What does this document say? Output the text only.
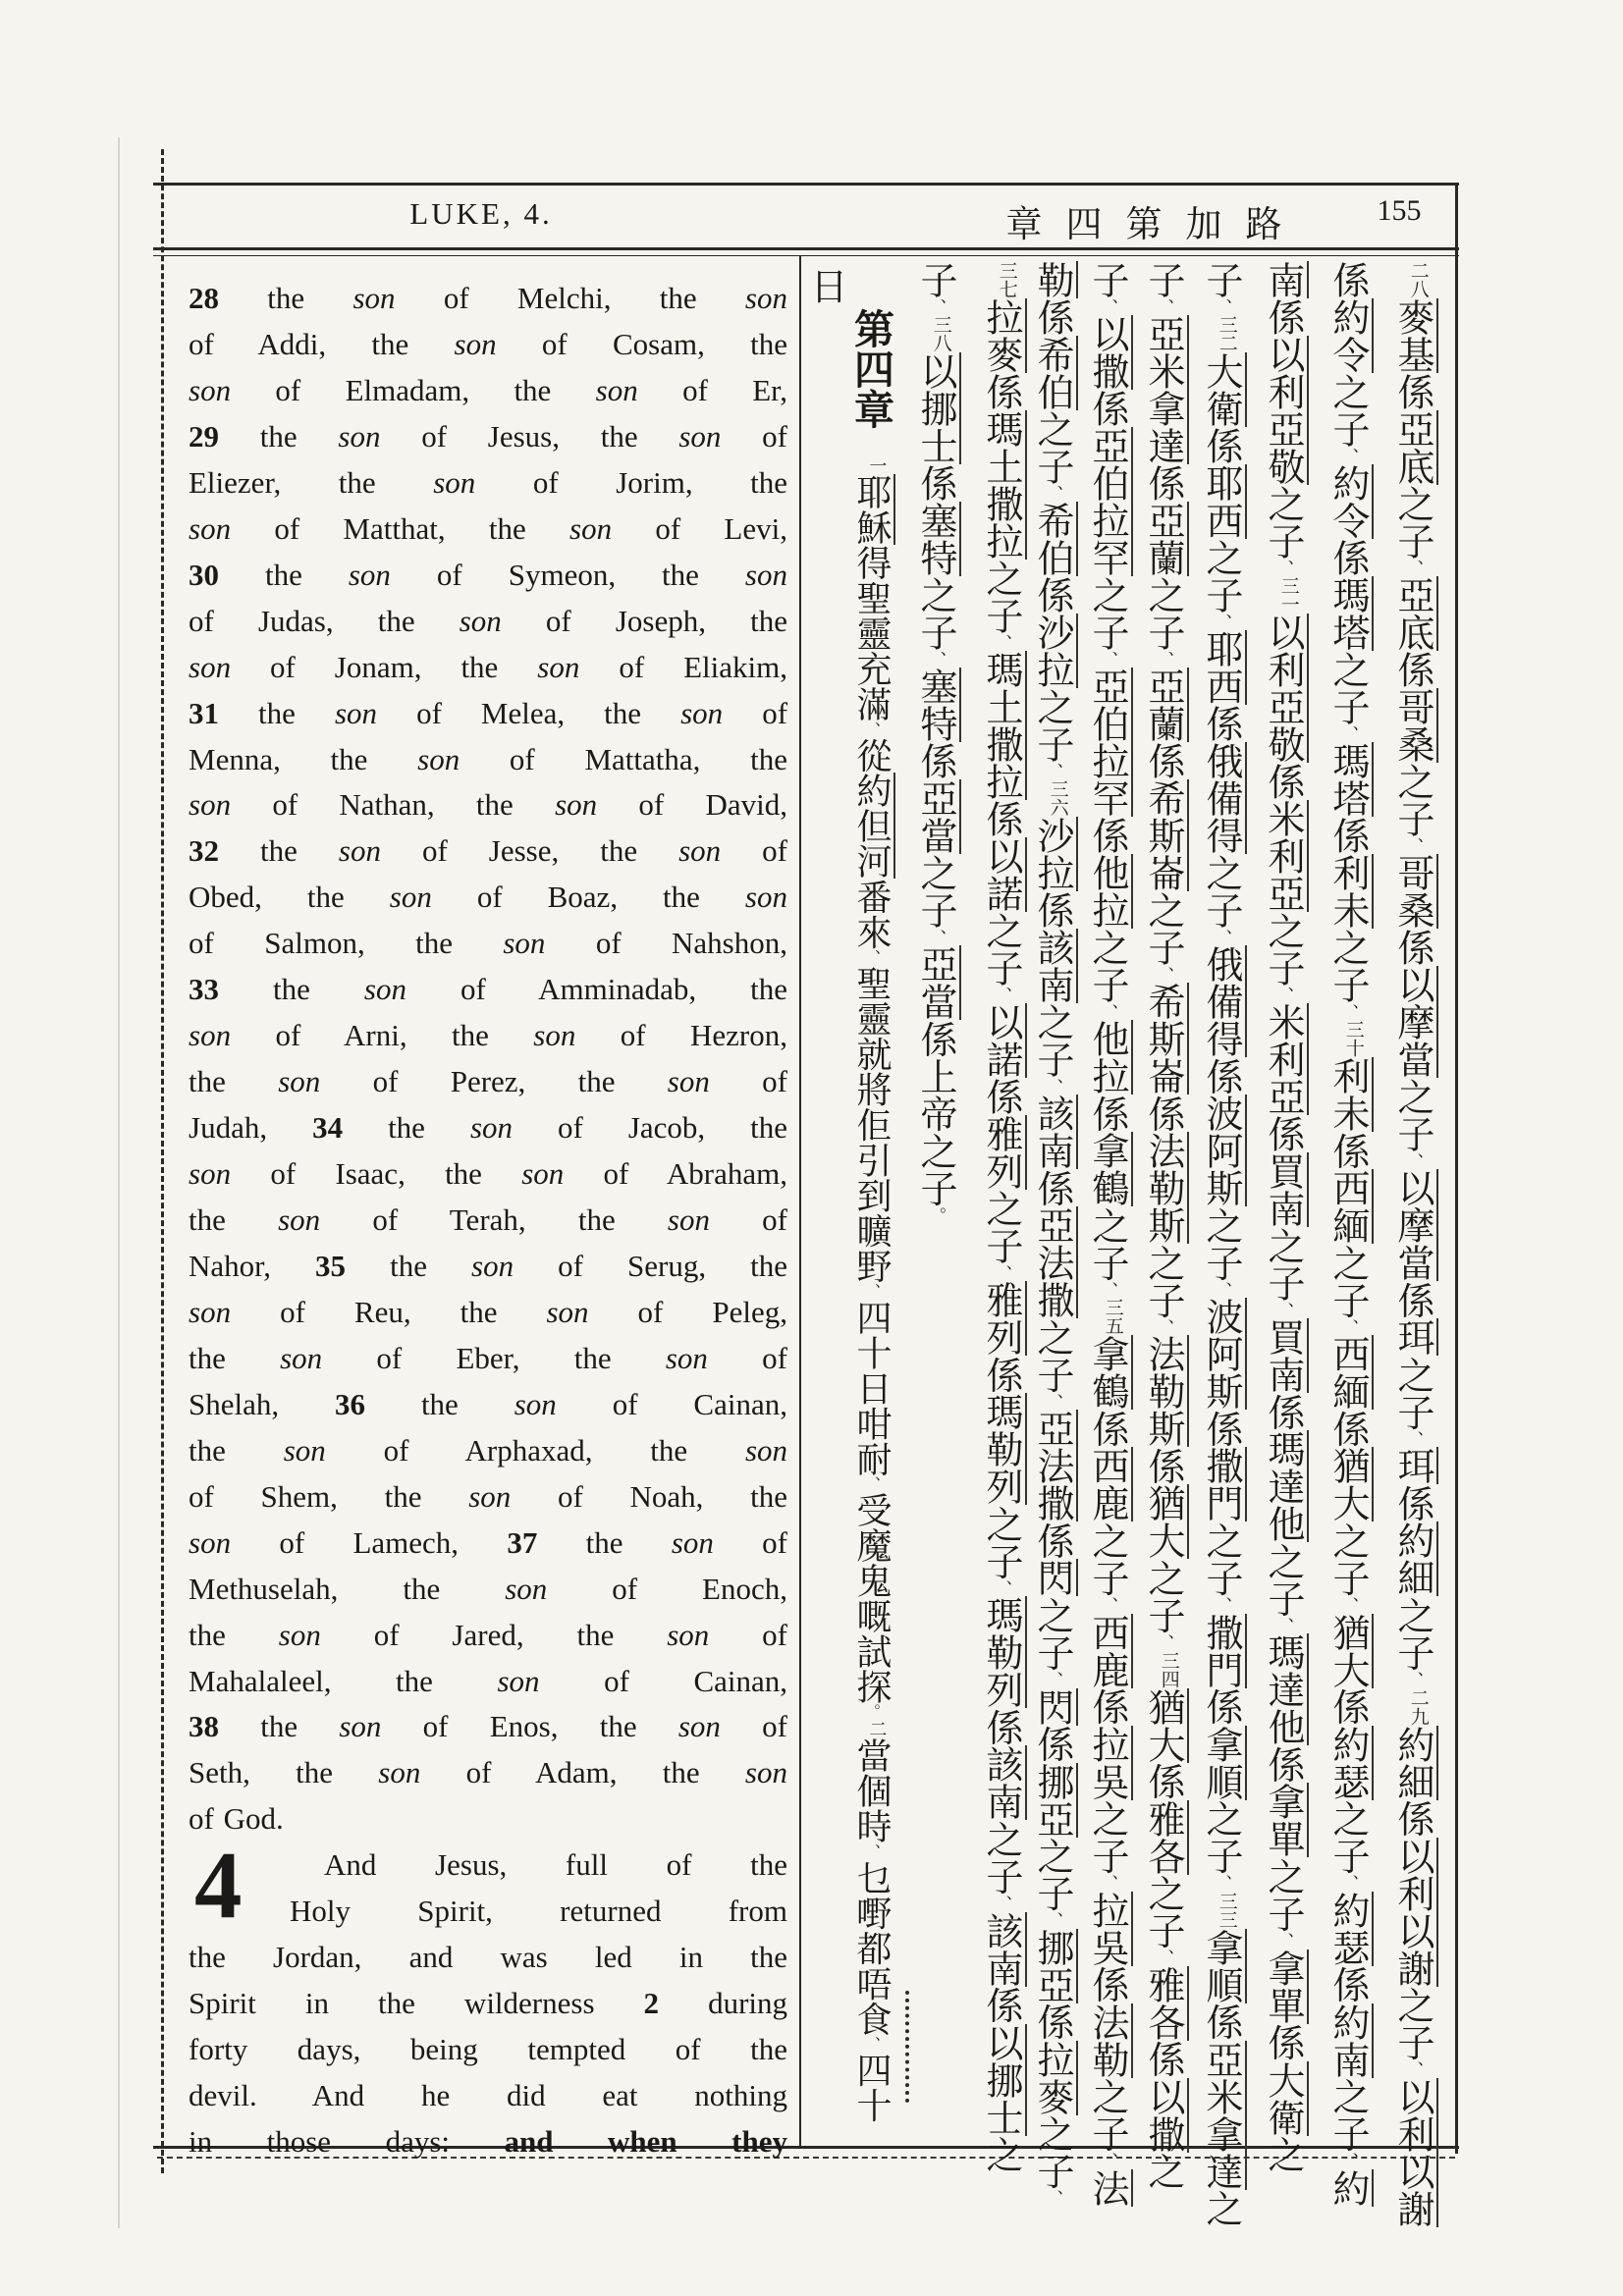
LUKE, 4.	章四第加路	155
28 the son of Melchi, the son
of Addi, the son of Cosam, the
son of Elmadam, the son of Er,
29 the son of Jesus, the son of
Eliezer, the son of Jorim, the
son of Matthat, the son of Levi,
30 the son of Symeon, the son
of Judas, the son of Joseph, the
son of Jonam, the son of Eliakim,
31 the son of Melea, the son of
Menna, the son of Mattatha, the
son of Nathan, the son of David,
32 the son of Jesse, the son of
Obed, the son of Boaz, the son
of Salmon, the son of Nahshon,
33 the son of Amminadab, the
son of Arni, the son of Hezron,
the son of Perez, the son of
Judah, 34 the son of Jacob, the
son of Isaac, the son of Abraham,
the son of Terah, the son of
Nahor, 35 the son of Serug, the
son of Reu, the son of Peleg,
the son of Eber, the son of
Shelah, 36 the son of Cainan,
the son of Arphaxad, the son
of Shem, the son of Noah, the
son of Lamech, 37 the son of
Methuselah, the son of Enoch,
the son of Jared, the son of
Mahalaleel, the son of Cainan,
38 the son of Enos, the son of
Seth, the son of Adam, the son
of God.
And Jesus, full of the
Holy Spirit, returned from
the Jordan, and was led in the
Spirit in the wilderness 2 during
forty days, being tempted of the
devil. And he did eat nothing
in those days: and when they
4
二八麥基係亞底之子、亞底係哥桑之子、哥桑係以摩當之子、以摩當係珥之子、珥係約細之子、二九約細係以利以謝之子、以利以謝
係約令之子、約令係瑪塔之子、瑪塔係利未之子、三十利未係西緬之子、西緬係猶大之子、猶大係約瑟之子、約瑟係約南之子、約
南係以利亞敬之子、三一以利亞敬係米利亞之子、米利亞係買南之子、買南係瑪達他之子、瑪達他係拿單之子、拿單係大衛之
子、三二大衛係耶西之子、耶西係俄備得之子、俄備得係波阿斯之子、波阿斯係撒門之子、撒門係拿順之子、三三拿順係亞米拿達之
子、亞米拿達係亞蘭之子、亞蘭係希斯崙之子、希斯崙係法勒斯之子、法勒斯係猶大之子、三四猶大係雅各之子、雅各係以撒之
子、以撒係亞伯拉罕之子、亞伯拉罕係他拉之子、他拉係拿鶴之子、三五拿鶴係西鹿之子、西鹿係拉吳之子、拉吳係法勒之子、法
勒係希伯之子、希伯係沙拉之子、三六沙拉係該南之子、該南係亞法撒之子、亞法撒係閃之子、閃係挪亞之子、挪亞係拉麥之子、
三七拉麥係瑪土撒拉之子、瑪土撒拉係以諾之子、以諾係雅列之子、雅列係瑪勒列之子、瑪勒列係該南之子、該南係以挪士之
子、三八以挪士係塞特之子、塞特係亞當之子、亞當係上帝之子。
第四章一耶穌得聖靈充滿、從約但河番來、聖靈就將佢引到曠野、四十日咁耐、受魔鬼嘅試探。二當個時、乜嘢都唔食、四十
日
